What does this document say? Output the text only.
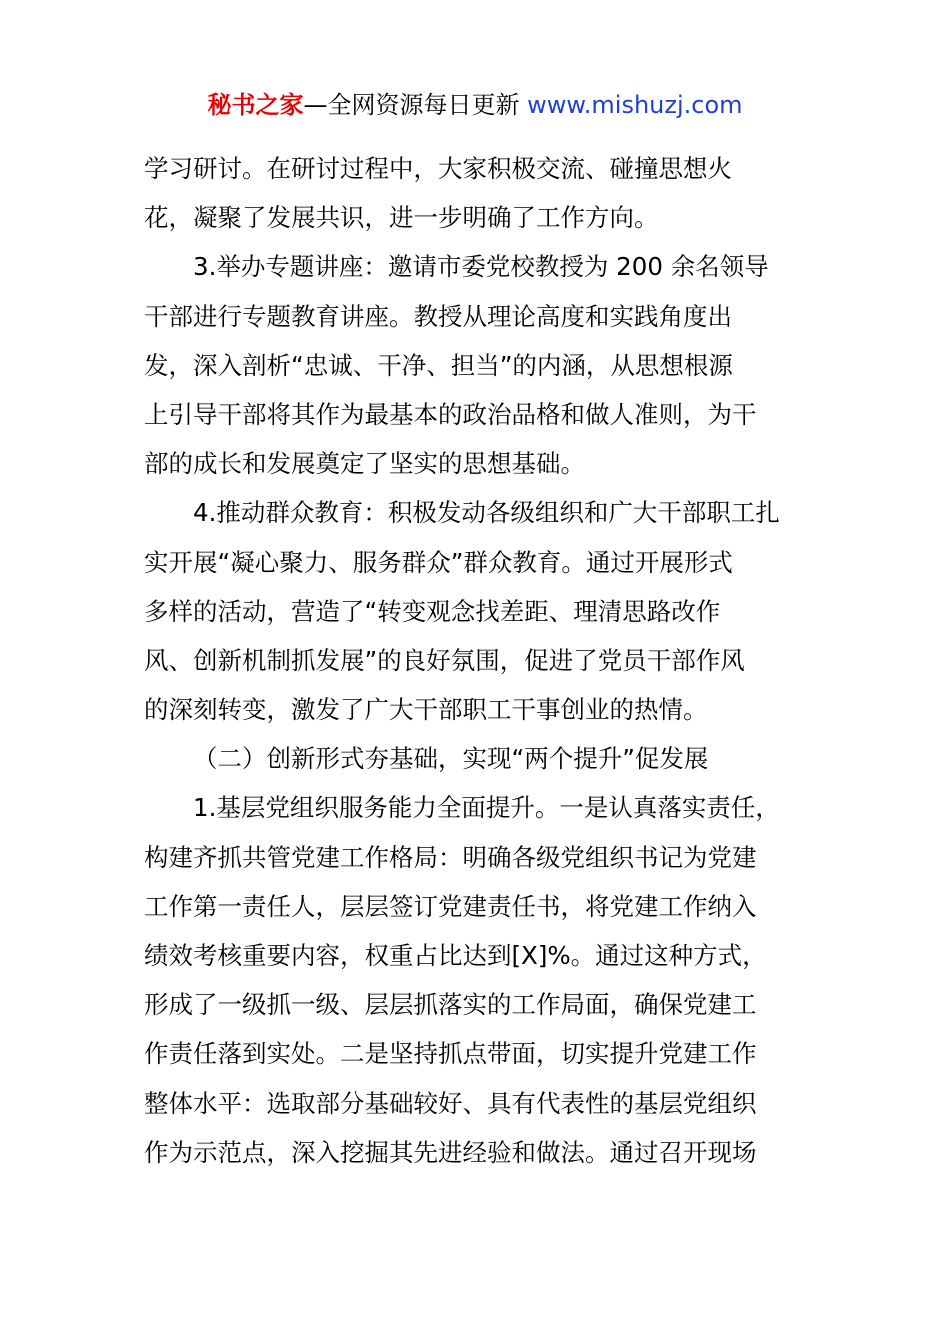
秘书之家—全网资源每日更新 www.mishuzj.com
学习研讨。在研讨过程中，大家积极交流、碰撞思想火
花，凝聚了发展共识，进一步明确了工作方向。
3.举办专题讲座：邀请市委党校教授为 200 余名领导
干部进行专题教育讲座。教授从理论高度和实践角度出
发，深入剖析“忠诚、干净、担当”的内涵，从思想根源
上引导干部将其作为最基本的政治品格和做人准则，为干
部的成长和发展奠定了坚实的思想基础。
4.推动群众教育：积极发动各级组织和广大干部职工扎
实开展“凝心聚力、服务群众”群众教育。通过开展形式
多样的活动，营造了“转变观念找差距、理清思路改作
风、创新机制抓发展”的良好氛围，促进了党员干部作风
的深刻转变，激发了广大干部职工干事创业的热情。
（二）创新形式夯基础，实现“两个提升”促发展
1.基层党组织服务能力全面提升。一是认真落实责任，
构建齐抓共管党建工作格局：明确各级党组织书记为党建
工作第一责任人，层层签订党建责任书，将党建工作纳入
绩效考核重要内容，权重占比达到[X]%。通过这种方式，
形成了一级抓一级、层层抓落实的工作局面，确保党建工
作责任落到实处。二是坚持抓点带面，切实提升党建工作
整体水平：选取部分基础较好、具有代表性的基层党组织
作为示范点，深入挖掘其先进经验和做法。通过召开现场
